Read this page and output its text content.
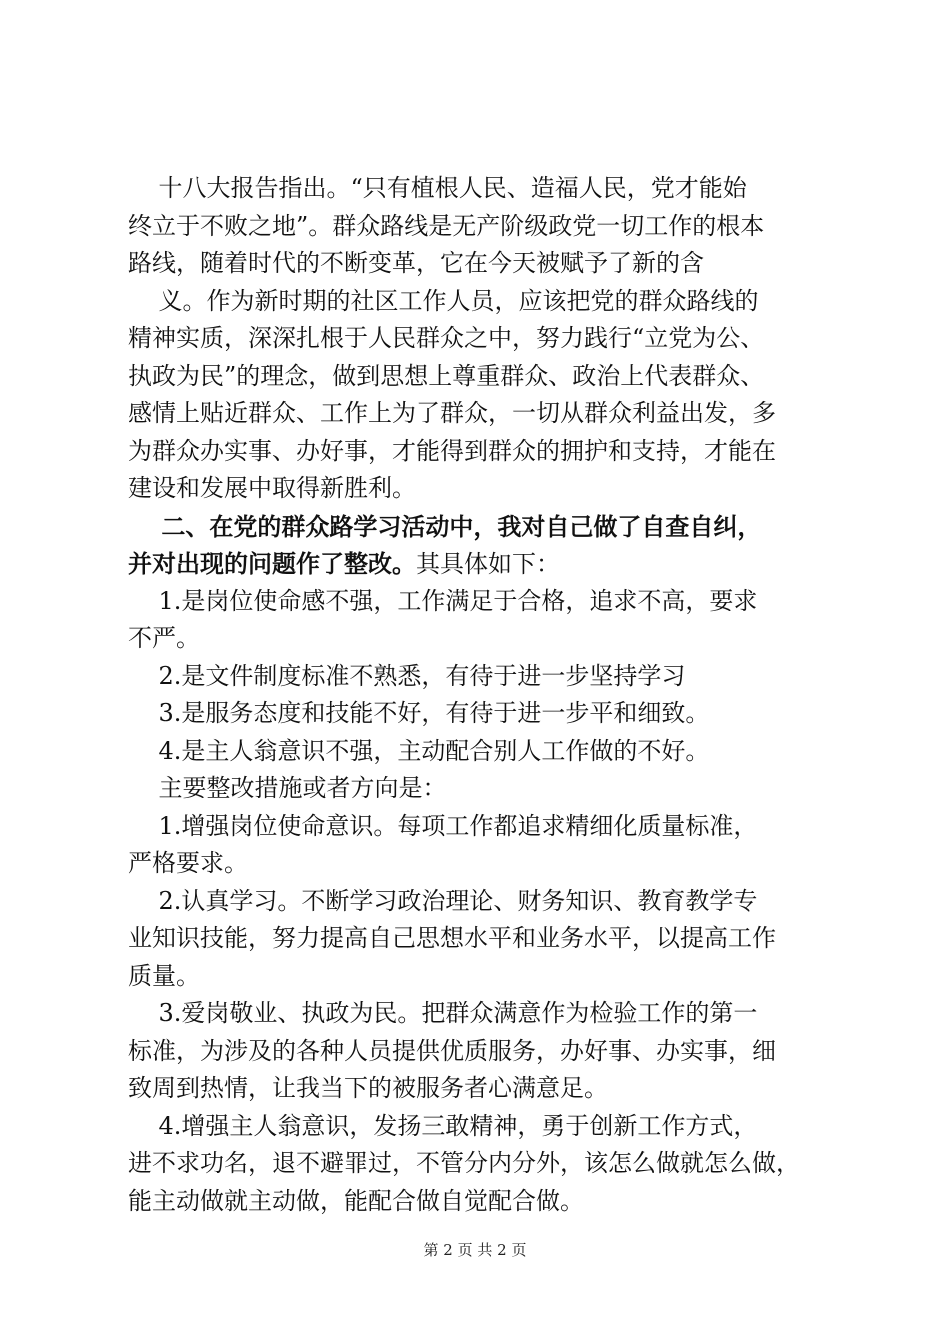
十八大报告指出。“只有植根人民、造福人民，党才能始
终立于不败之地”。群众路线是无产阶级政党一切工作的根本
路线，随着时代的不断变革，它在今天被赋予了新的含
义。作为新时期的社区工作人员，应该把党的群众路线的
精神实质，深深扎根于人民群众之中，努力践行“立党为公、
执政为民”的理念，做到思想上尊重群众、政治上代表群众、
感情上贴近群众、工作上为了群众，一切从群众利益出发，多
为群众办实事、办好事，才能得到群众的拥护和支持，才能在
建设和发展中取得新胜利。
二、在党的群众路学习活动中，我对自己做了自查自纠，
并对出现的问题作了整改。其具体如下：
1.是岗位使命感不强，工作满足于合格，追求不高，要求
不严。
2.是文件制度标准不熟悉，有待于进一步坚持学习
3.是服务态度和技能不好，有待于进一步平和细致。
4.是主人翁意识不强，主动配合别人工作做的不好。
主要整改措施或者方向是：
1.增强岗位使命意识。每项工作都追求精细化质量标准，
严格要求。
2.认真学习。不断学习政治理论、财务知识、教育教学专
业知识技能，努力提高自己思想水平和业务水平，以提高工作
质量。
3.爱岗敬业、执政为民。把群众满意作为检验工作的第一
标准，为涉及的各种人员提供优质服务，办好事、办实事，细
致周到热情，让我当下的被服务者心满意足。
4.增强主人翁意识，发扬三敢精神，勇于创新工作方式，
进不求功名，退不避罪过，不管分内分外，该怎么做就怎么做，
能主动做就主动做，能配合做自觉配合做。
第 2 页 共 2 页
